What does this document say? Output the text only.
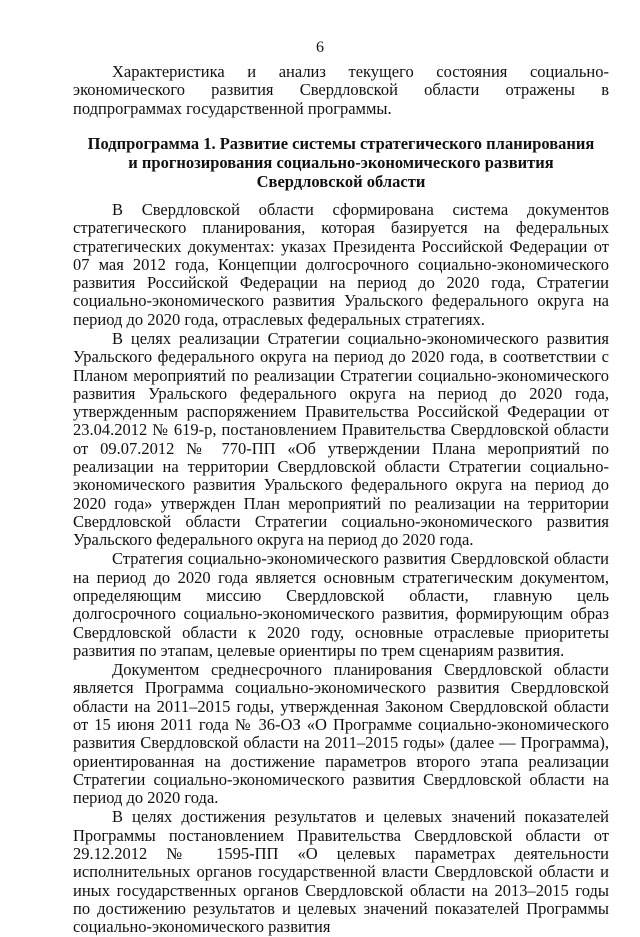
6

Характеристика и анализ текущего состояния социально-экономического развития Свердловской области отражены в подпрограммах государственной программы.

Подпрограмма 1. Развитие системы стратегического планирования
и прогнозирования социально-экономического развития
Свердловской области

В Свердловской области сформирована система документов стратегического планирования, которая базируется на федеральных стратегических документах: указах Президента Российской Федерации от 07 мая 2012 года, Концепции долгосрочного социально-экономического развития Российской Федерации на период до 2020 года, Стратегии социально-экономического развития Уральского федерального округа на период до 2020 года, отраслевых федеральных стратегиях.

В целях реализации Стратегии социально-экономического развития Уральского федерального округа на период до 2020 года, в соответствии с Планом мероприятий по реализации Стратегии социально-экономического развития Уральского федерального округа на период до 2020 года, утвержденным распоряжением Правительства Российской Федерации от 23.04.2012 № 619-р, постановлением Правительства Свердловской области от 09.07.2012 № 770-ПП «Об утверждении Плана мероприятий по реализации на территории Свердловской области Стратегии социально-экономического развития Уральского федерального округа на период до 2020 года» утвержден План мероприятий по реализации на территории Свердловской области Стратегии социально-экономического развития Уральского федерального округа на период до 2020 года.

Стратегия социально-экономического развития Свердловской области на период до 2020 года является основным стратегическим документом, определяющим миссию Свердловской области, главную цель долгосрочного социально-экономического развития, формирующим образ Свердловской области к 2020 году, основные отраслевые приоритеты развития по этапам, целевые ориентиры по трем сценариям развития.

Документом среднесрочного планирования Свердловской области является Программа социально-экономического развития Свердловской области на 2011–2015 годы, утвержденная Законом Свердловской области от 15 июня 2011 года № 36-ОЗ «О Программе социально-экономического развития Свердловской области на 2011–2015 годы» (далее — Программа), ориентированная на достижение параметров второго этапа реализации Стратегии социально-экономического развития Свердловской области на период до 2020 года.

В целях достижения результатов и целевых значений показателей Программы постановлением Правительства Свердловской области от 29.12.2012 № 1595-ПП «О целевых параметрах деятельности исполнительных органов государственной власти Свердловской области и иных государственных органов Свердловской области на 2013–2015 годы по достижению результатов и целевых значений показателей Программы социально-экономического развития
